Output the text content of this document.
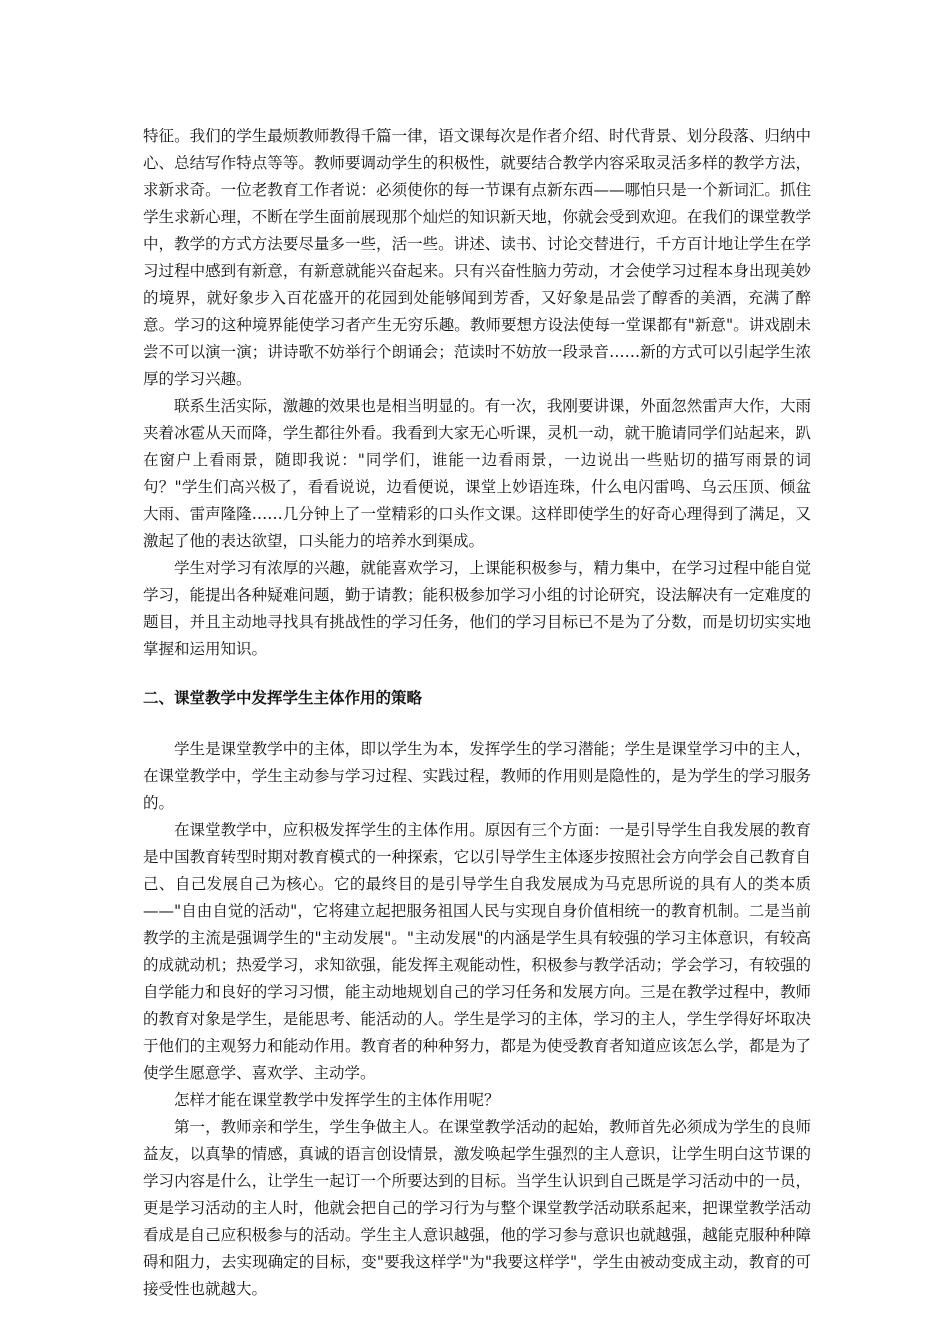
特征。我们的学生最烦教师教得千篇一律，语文课每次是作者介绍、时代背景、划分段落、归纳中心、总结写作特点等等。教师要调动学生的积极性，就要结合教学内容采取灵活多样的教学方法，求新求奇。一位老教育工作者说：必须使你的每一节课有点新东西——哪怕只是一个新词汇。抓住学生求新心理，不断在学生面前展现那个灿烂的知识新天地，你就会受到欢迎。在我们的课堂教学中，教学的方式方法要尽量多一些，活一些。讲述、读书、讨论交替进行，千方百计地让学生在学习过程中感到有新意，有新意就能兴奋起来。只有兴奋性脑力劳动，才会使学习过程本身出现美妙的境界，就好象步入百花盛开的花园到处能够闻到芳香，又好象是品尝了醇香的美酒，充满了醉意。学习的这种境界能使学习者产生无穷乐趣。教师要想方设法使每一堂课都有"新意"。讲戏剧未尝不可以演一演；讲诗歌不妨举行个朗诵会；范读时不妨放一段录音……新的方式可以引起学生浓厚的学习兴趣。

联系生活实际，激趣的效果也是相当明显的。有一次，我刚要讲课，外面忽然雷声大作，大雨夹着冰雹从天而降，学生都往外看。我看到大家无心听课，灵机一动，就干脆请同学们站起来，趴在窗户上看雨景，随即我说："同学们，谁能一边看雨景，一边说出一些贴切的描写雨景的词句？"学生们高兴极了，看看说说，边看便说，课堂上妙语连珠，什么电闪雷鸣、乌云压顶、倾盆大雨、雷声隆隆……几分钟上了一堂精彩的口头作文课。这样即使学生的好奇心理得到了满足，又激起了他的表达欲望，口头能力的培养水到渠成。

学生对学习有浓厚的兴趣，就能喜欢学习，上课能积极参与，精力集中，在学习过程中能自觉学习，能提出各种疑难问题，勤于请教；能积极参加学习小组的讨论研究，设法解决有一定难度的题目，并且主动地寻找具有挑战性的学习任务，他们的学习目标已不是为了分数，而是切切实实地掌握和运用知识。

二、课堂教学中发挥学生主体作用的策略

学生是课堂教学中的主体，即以学生为本，发挥学生的学习潜能；学生是课堂学习中的主人，在课堂教学中，学生主动参与学习过程、实践过程，教师的作用则是隐性的，是为学生的学习服务的。

在课堂教学中，应积极发挥学生的主体作用。原因有三个方面：一是引导学生自我发展的教育是中国教育转型时期对教育模式的一种探索，它以引导学生主体逐步按照社会方向学会自己教育自己、自己发展自己为核心。它的最终目的是引导学生自我发展成为马克思所说的具有人的类本质——"自由自觉的活动"，它将建立起把服务祖国人民与实现自身价值相统一的教育机制。二是当前教学的主流是强调学生的"主动发展"。"主动发展"的内涵是学生具有较强的学习主体意识，有较高的成就动机；热爱学习，求知欲强，能发挥主观能动性，积极参与教学活动；学会学习，有较强的自学能力和良好的学习习惯，能主动地规划自己的学习任务和发展方向。三是在教学过程中，教师的教育对象是学生，是能思考、能活动的人。学生是学习的主体，学习的主人，学生学得好坏取决于他们的主观努力和能动作用。教育者的种种努力，都是为使受教育者知道应该怎么学，都是为了使学生愿意学、喜欢学、主动学。

怎样才能在课堂教学中发挥学生的主体作用呢？

第一，教师亲和学生，学生争做主人。在课堂教学活动的起始，教师首先必须成为学生的良师益友，以真挚的情感，真诚的语言创设情景，激发唤起学生强烈的主人意识，让学生明白这节课的学习内容是什么，让学生一起订一个所要达到的目标。当学生认识到自己既是学习活动中的一员，更是学习活动的主人时，他就会把自己的学习行为与整个课堂教学活动联系起来，把课堂教学活动看成是自己应积极参与的活动。学生主人意识越强，他的学习参与意识也就越强，越能克服种种障碍和阻力，去实现确定的目标，变"要我这样学"为"我要这样学"，学生由被动变成主动，教育的可接受性也就越大。
